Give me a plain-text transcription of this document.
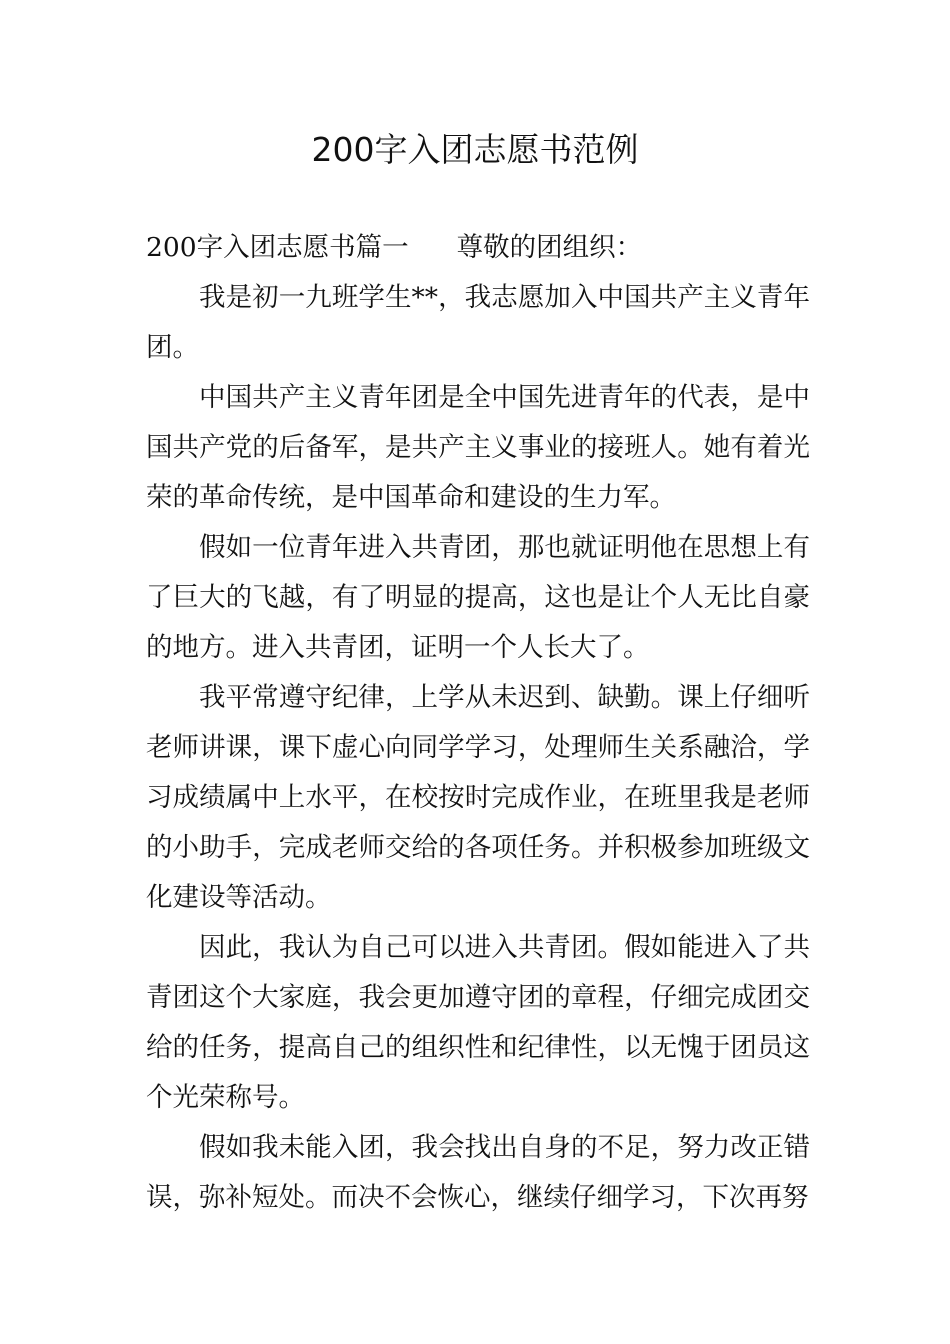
200字入团志愿书范例
200字入团志愿书篇一 尊敬的团组织：

我是初一九班学生**，我志愿加入中国共产主义青年团。

中国共产主义青年团是全中国先进青年的代表，是中国共产党的后备军，是共产主义事业的接班人。她有着光荣的革命传统，是中国革命和建设的生力军。

假如一位青年进入共青团，那也就证明他在思想上有了巨大的飞越，有了明显的提高，这也是让个人无比自豪的地方。进入共青团，证明一个人长大了。

我平常遵守纪律，上学从未迟到、缺勤。课上仔细听老师讲课，课下虚心向同学学习，处理师生关系融洽，学习成绩属中上水平，在校按时完成作业，在班里我是老师的小助手，完成老师交给的各项任务。并积极参加班级文化建设等活动。

因此，我认为自己可以进入共青团。假如能进入了共青团这个大家庭，我会更加遵守团的章程，仔细完成团交给的任务，提高自己的组织性和纪律性，以无愧于团员这个光荣称号。

假如我未能入团，我会找出自身的不足，努力改正错误，弥补短处。而决不会恢心，继续仔细学习，下次再努
